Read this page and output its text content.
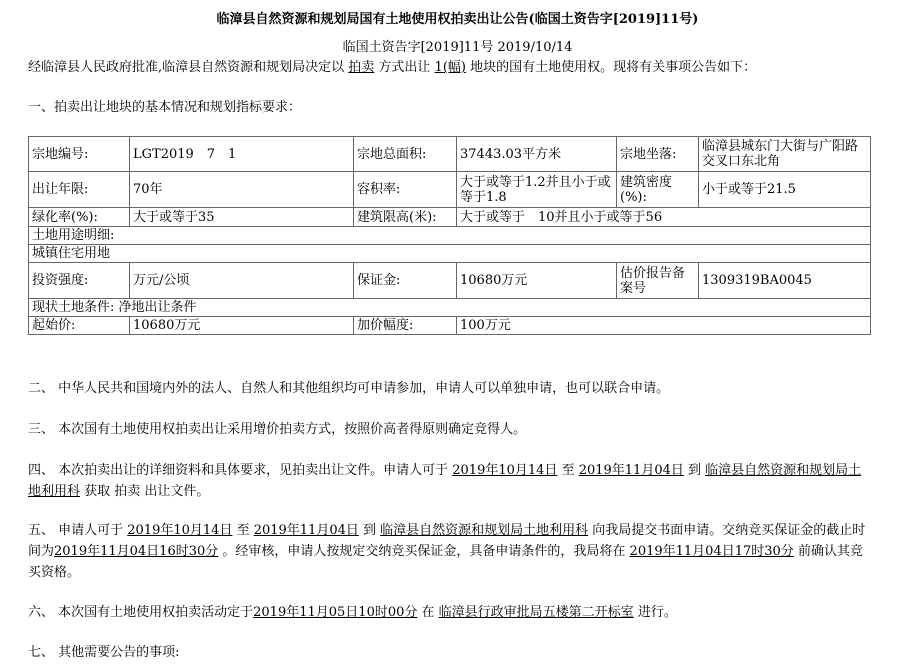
临漳县自然资源和规划局国有土地使用权拍卖出让公告(临国土资告字[2019]11号)
临国土资告字[2019]11号 2019/10/14
经临漳县人民政府批准,临漳县自然资源和规划局决定以 拍卖 方式出让 1(幅) 地块的国有土地使用权。现将有关事项公告如下：
一、拍卖出让地块的基本情况和规划指标要求：
宗地编号:	LGT2019　7　1	宗地总面积:	37443.03平方米	宗地坐落:	临漳县城东门大街与广阳路交叉口东北角
出让年限:	70年	容积率:	大于或等于1.2并且小于或等于1.8	建筑密度(%):	小于或等于21.5
绿化率(%):	大于或等于35	建筑限高(米):	大于或等于　10并且小于或等于56		
土地用途明细:					
城镇住宅用地					
投资强度:	万元/公顷	保证金:	10680万元	估价报告备案号	1309319BA0045
现状土地条件: 净地出让条件					
起始价:	10680万元	加价幅度:	100万元		
二、 中华人民共和国境内外的法人、自然人和其他组织均可申请参加，申请人可以单独申请，也可以联合申请。
三、 本次国有土地使用权拍卖出让采用增价拍卖方式，按照价高者得原则确定竞得人。
四、 本次拍卖出让的详细资料和具体要求，见拍卖出让文件。申请人可于 2019年10月14日 至 2019年11月04日 到 临漳县自然资源和规划局土地利用科 获取 拍卖 出让文件。
五、 申请人可于 2019年10月14日 至 2019年11月04日 到 临漳县自然资源和规划局土地利用科 向我局提交书面申请。交纳竞买保证金的截止时间为2019年11月04日16时30分 。经审核，申请人按规定交纳竞买保证金，具备申请条件的，我局将在 2019年11月04日17时30分 前确认其竞买资格。
六、 本次国有土地使用权拍卖活动定于2019年11月05日10时00分 在 临漳县行政审批局五楼第二开标室 进行。
七、 其他需要公告的事项:
